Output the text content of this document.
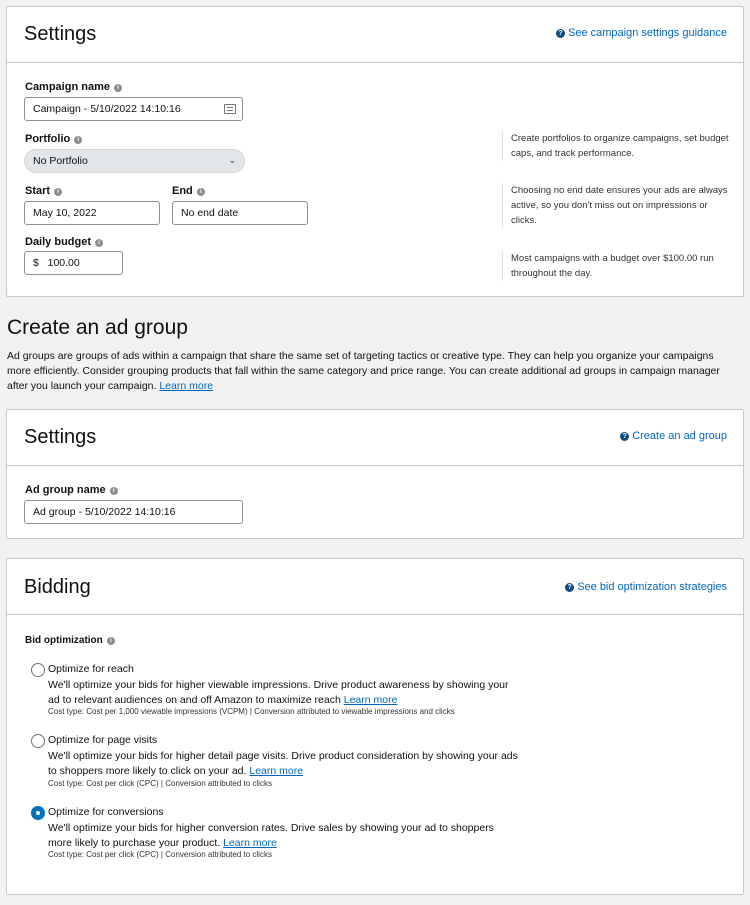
Settings	? See campaign settings guidance
Campaign name i
Campaign - 5/10/2022 14:10:16
Portfolio i
No Portfolio	⌄
Create portfolios to organize campaigns, set budget caps, and track performance.
Start i
May 10, 2022
End i
No end date
Choosing no end date ensures your ads are always active, so you don't miss out on impressions or clicks.
Daily budget i
$ 100.00	Most campaigns with a budget over $100.00 run throughout the day.
Create an ad group
Ad groups are groups of ads within a campaign that share the same set of targeting tactics or creative type. They can help you organize your campaigns more efficiently. Consider grouping products that fall within the same category and price range. You can create additional ad groups in campaign manager after you launch your campaign. Learn more
Settings	? Create an ad group
Ad group name i
Ad group - 5/10/2022 14:10:16
Bidding	? See bid optimization strategies
Bid optimization i
Optimize for reach
We'll optimize your bids for higher viewable impressions. Drive product awareness by showing your ad to relevant audiences on and off Amazon to maximize reach Learn more
Cost type: Cost per 1,000 viewable impressions (VCPM) | Conversion attributed to viewable impressions and clicks
Optimize for page visits
We'll optimize your bids for higher detail page visits. Drive product consideration by showing your ads to shoppers more likely to click on your ad. Learn more
Cost type: Cost per click (CPC) | Conversion attributed to clicks
Optimize for conversions
We'll optimize your bids for higher conversion rates. Drive sales by showing your ad to shoppers more likely to purchase your product. Learn more
Cost type: Cost per click (CPC) | Conversion attributed to clicks
